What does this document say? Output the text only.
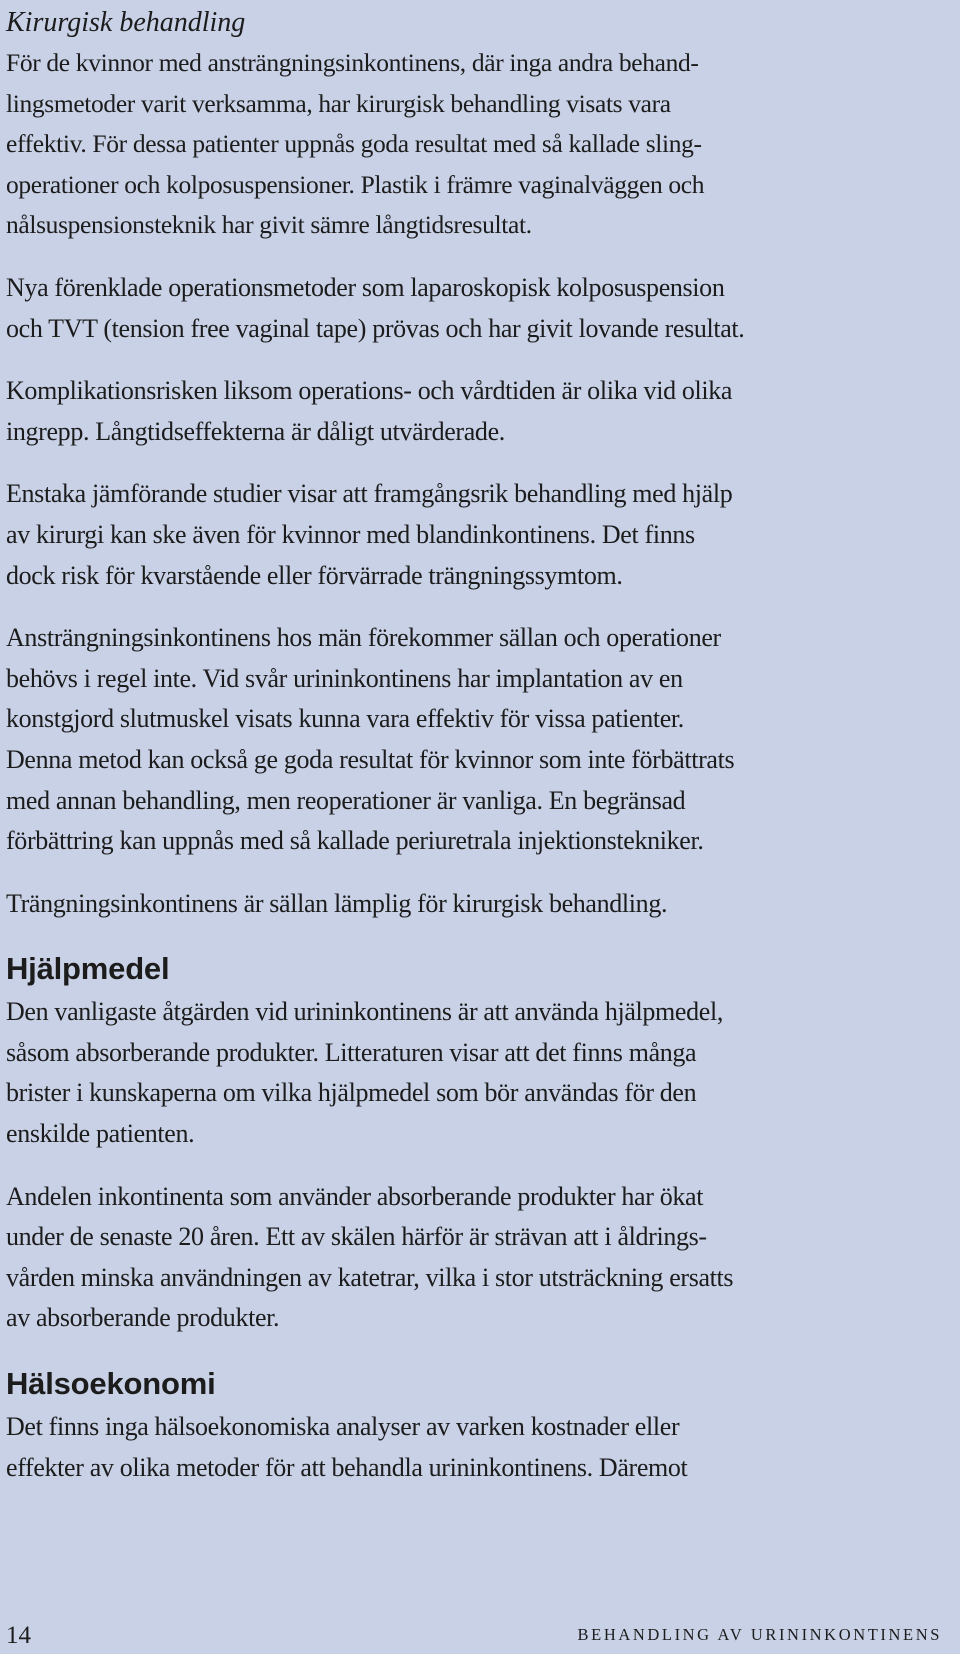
Kirurgisk behandling

För de kvinnor med ansträngningsinkontinens, där inga andra behand-
lingsmetoder varit verksamma, har kirurgisk behandling visats vara
effektiv. För dessa patienter uppnås goda resultat med så kallade sling-
operationer och kolposuspensioner. Plastik i främre vaginalväggen och
nålsuspensionsteknik har givit sämre långtidsresultat.

Nya förenklade operationsmetoder som laparoskopisk kolposuspension
och TVT (tension free vaginal tape) prövas och har givit lovande resultat.

Komplikationsrisken liksom operations- och vårdtiden är olika vid olika
ingrepp. Långtidseffekterna är dåligt utvärderade.

Enstaka jämförande studier visar att framgångsrik behandling med hjälp
av kirurgi kan ske även för kvinnor med blandinkontinens. Det finns
dock risk för kvarstående eller förvärrade trängningssymtom.

Ansträngningsinkontinens hos män förekommer sällan och operationer
behövs i regel inte. Vid svår urininkontinens har implantation av en
konstgjord slutmuskel visats kunna vara effektiv för vissa patienter.
Denna metod kan också ge goda resultat för kvinnor som inte förbättrats
med annan behandling, men reoperationer är vanliga. En begränsad
förbättring kan uppnås med så kallade periuretrala injektionstekniker.

Trängningsinkontinens är sällan lämplig för kirurgisk behandling.

Hjälpmedel

Den vanligaste åtgärden vid urininkontinens är att använda hjälpmedel,
såsom absorberande produkter. Litteraturen visar att det finns många
brister i kunskaperna om vilka hjälpmedel som bör användas för den
enskilde patienten.

Andelen inkontinenta som använder absorberande produkter har ökat
under de senaste 20 åren. Ett av skälen härför är strävan att i åldrings-
vården minska användningen av katetrar, vilka i stor utsträckning ersatts
av absorberande produkter.

Hälsoekonomi

Det finns inga hälsoekonomiska analyser av varken kostnader eller
effekter av olika metoder för att behandla urininkontinens. Däremot

14	BEHANDLING AV URININKONTINENS
